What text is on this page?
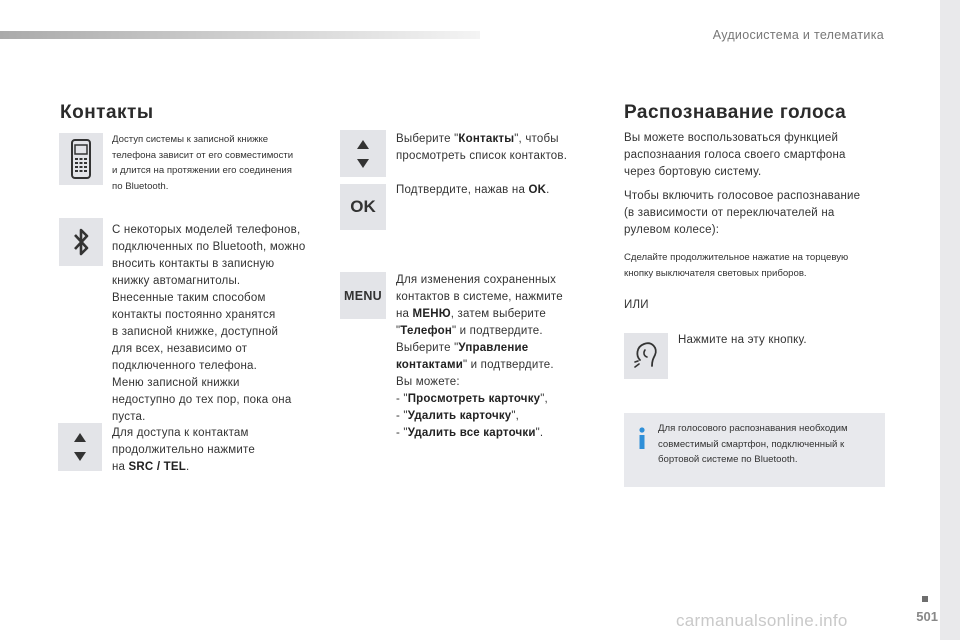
Аудиосистема и телематика
Контакты
Доступ системы к записной книжке
телефона зависит от его совместимости
и длится на протяжении его соединения
по Bluetooth.
С некоторых моделей телефонов,
подключенных по Bluetooth, можно
вносить контакты в записную
книжку автомагнитолы.
Внесенные таким способом
контакты постоянно хранятся
в записной книжке, доступной
для всех, независимо от
подключенного телефона.
Меню записной книжки
недоступно до тех пор, пока она
пуста.
Для доступа к контактам
продолжительно нажмите
на SRC / TEL.
Выберите "Контакты", чтобы
просмотреть список контактов.
OK
Подтвердите, нажав на OK.
MENU
Для изменения сохраненных
контактов в системе, нажмите
на МЕНЮ, затем выберите
"Телефон" и подтвердите.
Выберите "Управление
контактами" и подтвердите.
Вы можете:
- "Просмотреть карточку",
- "Удалить карточку",
- "Удалить все карточки".
Распознавание голоса
Вы можете воспользоваться функцией
распознаания голоса своего смартфона
через бортовую систему.
Чтобы включить голосовое распознавание
(в зависимости от переключателей на
рулевом колесе):
Сделайте продолжительное нажатие на торцевую
кнопку выключателя световых приборов.
ИЛИ
Нажмите на эту кнопку.
Для голосового распознавания необходим
совместимый смартфон, подключенный к
бортовой системе по Bluetooth.
501
carmanualsonline.info
